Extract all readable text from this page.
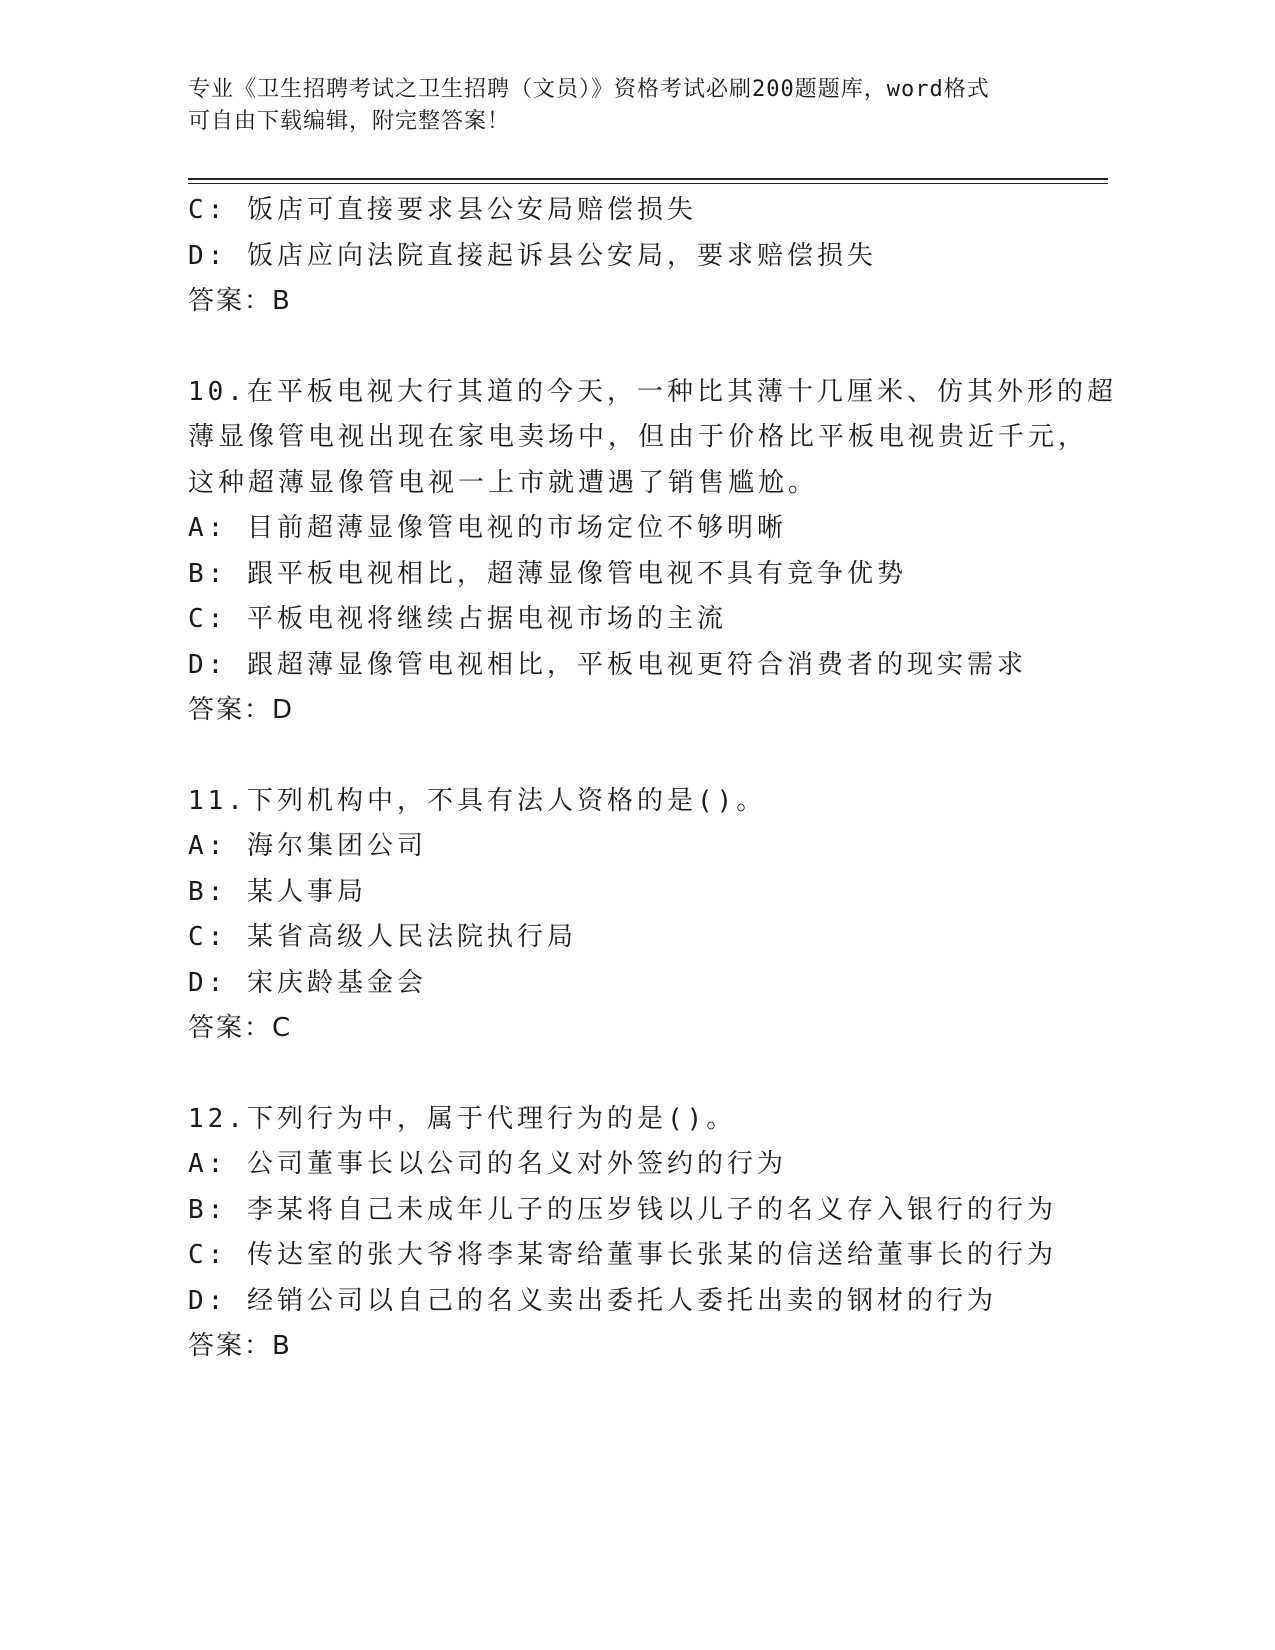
专业《卫生招聘考试之卫生招聘（文员）》资格考试必刷200题题库，word格式
可自由下载编辑，附完整答案！
C: 饭店可直接要求县公安局赔偿损失
D: 饭店应向法院直接起诉县公安局，要求赔偿损失
答案：B
10.在平板电视大行其道的今天，一种比其薄十几厘米、仿其外形的超
薄显像管电视出现在家电卖场中，但由于价格比平板电视贵近千元，
这种超薄显像管电视一上市就遭遇了销售尴尬。
A: 目前超薄显像管电视的市场定位不够明晰
B: 跟平板电视相比，超薄显像管电视不具有竞争优势
C: 平板电视将继续占据电视市场的主流
D: 跟超薄显像管电视相比，平板电视更符合消费者的现实需求
答案：D
11.下列机构中，不具有法人资格的是()。
A: 海尔集团公司
B: 某人事局
C: 某省高级人民法院执行局
D: 宋庆龄基金会
答案：C
12.下列行为中，属于代理行为的是()。
A: 公司董事长以公司的名义对外签约的行为
B: 李某将自己未成年儿子的压岁钱以儿子的名义存入银行的行为
C: 传达室的张大爷将李某寄给董事长张某的信送给董事长的行为
D: 经销公司以自己的名义卖出委托人委托出卖的钢材的行为
答案：B
